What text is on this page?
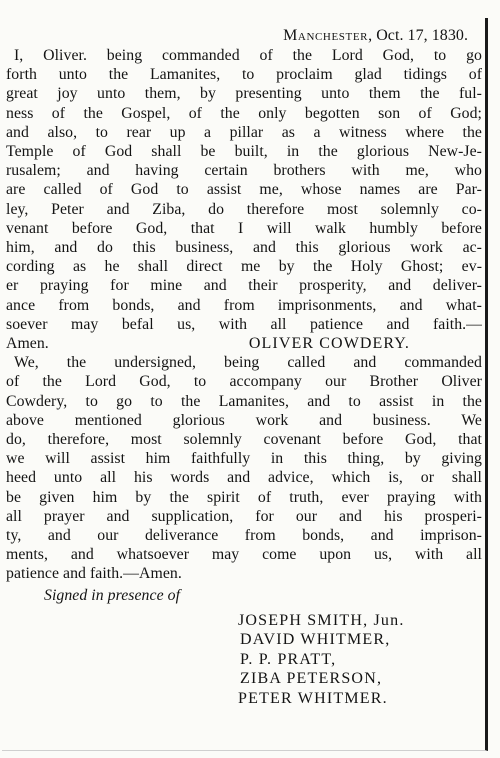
Manchester, Oct. 17, 1830.
I, Oliver. being commanded of the Lord God, to go
forth unto the Lamanites, to proclaim glad tidings of
great joy unto them, by presenting unto them the ful-
ness of the Gospel, of the only begotten son of God;
and also, to rear up a pillar as a witness where the
Temple of God shall be built, in the glorious New-Je-
rusalem; and having certain brothers with me, who
are called of God to assist me, whose names are Par-
ley, Peter and Ziba, do therefore most solemnly co-
venant before God, that I will walk humbly before
him, and do this business, and this glorious work ac-
cording as he shall direct me by the Holy Ghost; ev-
er praying for mine and their prosperity, and deliver-
ance from bonds, and from imprisonments, and what-
soever may befal us, with all patience and faith.—
Amen.	OLIVER COWDERY.
We, the undersigned, being called and commanded
of the Lord God, to accompany our Brother Oliver
Cowdery, to go to the Lamanites, and to assist in the
above mentioned glorious work and business. We
do, therefore, most solemnly covenant before God, that
we will assist him faithfully in this thing, by giving
heed unto all his words and advice, which is, or shall
be given him by the spirit of truth, ever praying with
all prayer and supplication, for our and his prosperi-
ty, and our deliverance from bonds, and imprison-
ments, and whatsoever may come upon us, with all
patience and faith.—Amen.
Signed in presence of
JOSEPH SMITH, Jun.
DAVID WHITMER,
P. P. PRATT,
ZIBA PETERSON,
PETER WHITMER.
